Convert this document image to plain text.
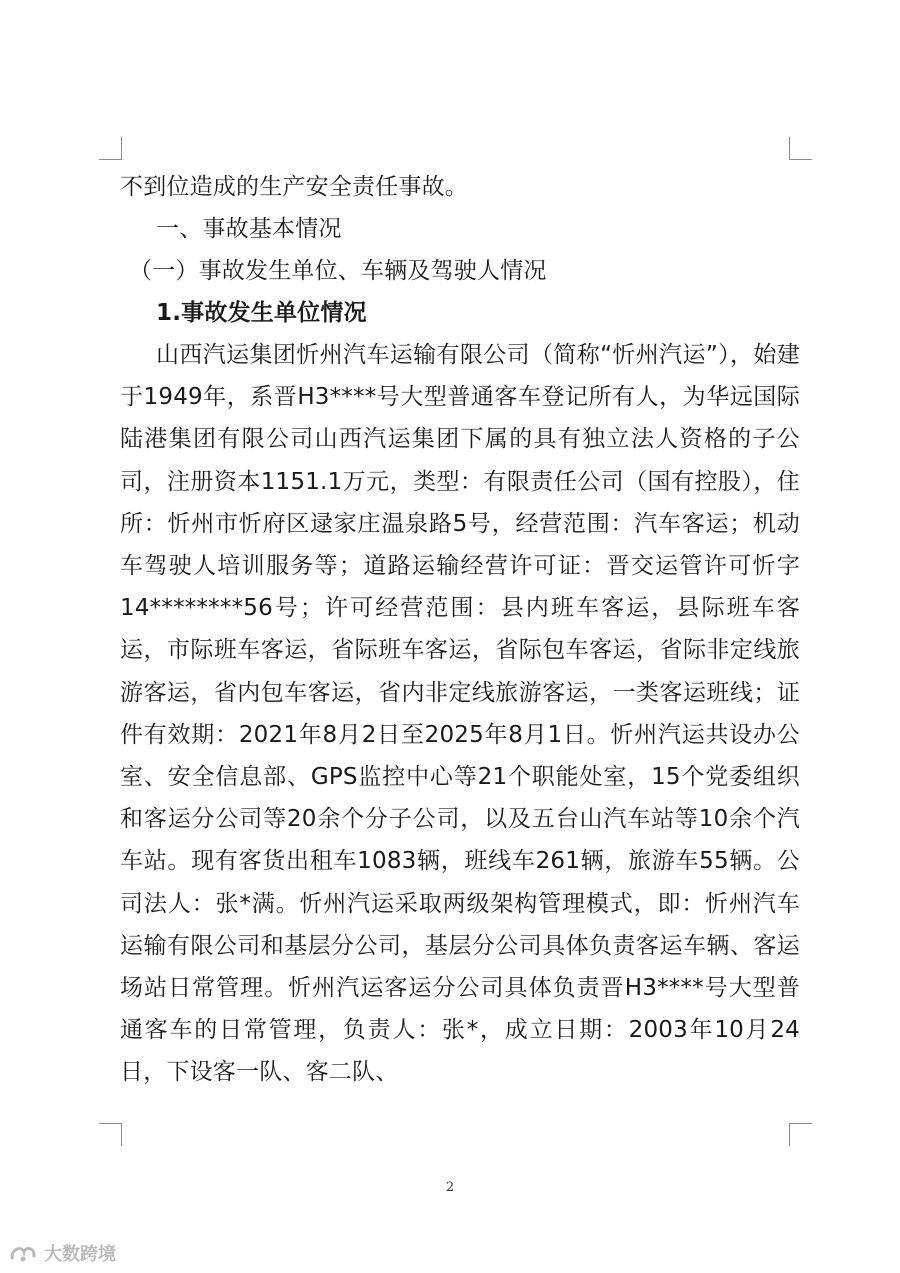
不到位造成的生产安全责任事故。

一、事故基本情况

（一）事故发生单位、车辆及驾驶人情况

1.事故发生单位情况

山西汽运集团忻州汽车运输有限公司（简称“忻州汽运”），始建于1949年，系晋H3****号大型普通客车登记所有人，为华远国际陆港集团有限公司山西汽运集团下属的具有独立法人资格的子公司，注册资本1151.1万元，类型：有限责任公司（国有控股），住所：忻州市忻府区逯家庄温泉路5号，经营范围：汽车客运；机动车驾驶人培训服务等；道路运输经营许可证：晋交运管许可忻字14********56号；许可经营范围：县内班车客运，县际班车客运，市际班车客运，省际班车客运，省际包车客运，省际非定线旅游客运，省内包车客运，省内非定线旅游客运，一类客运班线；证件有效期：2021年8月2日至2025年8月1日。忻州汽运共设办公室、安全信息部、GPS监控中心等21个职能处室，15个党委组织和客运分公司等20余个分子公司，以及五台山汽车站等10余个汽车站。现有客货出租车1083辆，班线车261辆，旅游车55辆。公司法人：张*满。忻州汽运采取两级架构管理模式，即：忻州汽车运输有限公司和基层分公司，基层分公司具体负责客运车辆、客运场站日常管理。忻州汽运客运分公司具体负责晋H3****号大型普通客车的日常管理，负责人：张*，成立日期：2003年10月24日，下设客一队、客二队、

2
大数跨境
